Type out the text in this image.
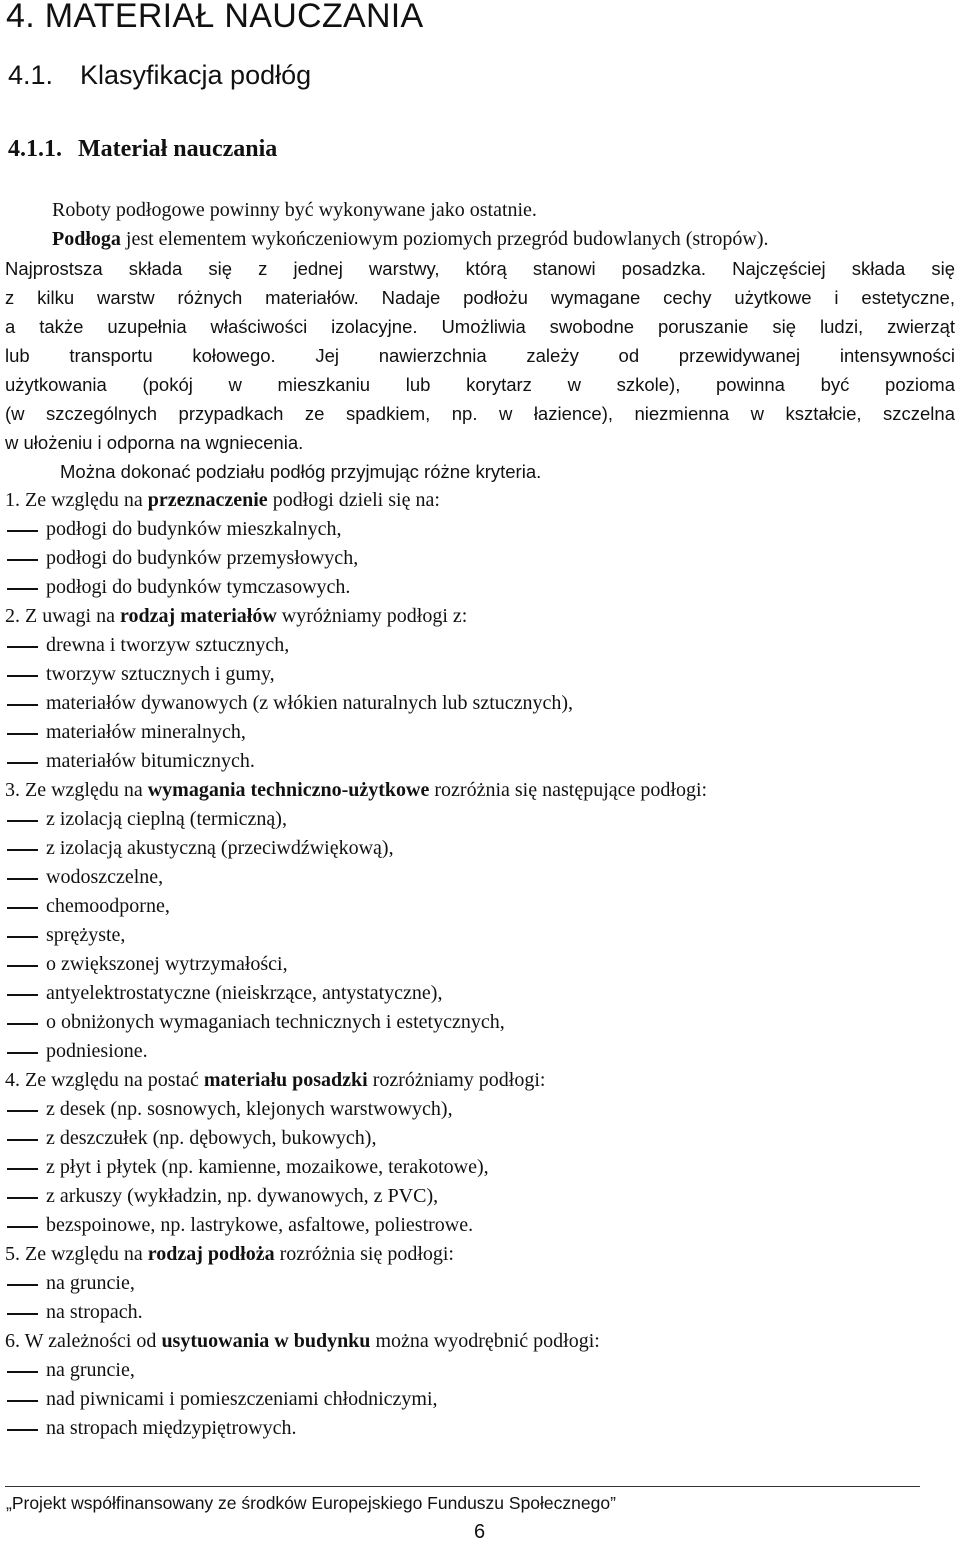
4. MATERIAŁ NAUCZANIA
4.1. Klasyfikacja podłóg
4.1.1. Materiał nauczania
Roboty podłogowe powinny być wykonywane jako ostatnie.
Podłoga jest elementem wykończeniowym poziomych przegród budowlanych (stropów).
Najprostsza składa się z jednej warstwy, którą stanowi posadzka. Najczęściej składa się
z kilku warstw różnych materiałów. Nadaje podłożu wymagane cechy użytkowe i estetyczne,
a także uzupełnia właściwości izolacyjne. Umożliwia swobodne poruszanie się ludzi, zwierząt
lub transportu kołowego. Jej nawierzchnia zależy od przewidywanej intensywności
użytkowania (pokój w mieszkaniu lub korytarz w szkole), powinna być pozioma
(w szczególnych przypadkach ze spadkiem, np. w łazience), niezmienna w kształcie, szczelna
w ułożeniu i odporna na wgniecenia.
Można dokonać podziału podłóg przyjmując różne kryteria.
1. Ze względu na przeznaczenie podłogi dzieli się na:
podłogi do budynków mieszkalnych,
podłogi do budynków przemysłowych,
podłogi do budynków tymczasowych.
2. Z uwagi na rodzaj materiałów wyróżniamy podłogi z:
drewna i tworzyw sztucznych,
tworzyw sztucznych i gumy,
materiałów dywanowych (z włókien naturalnych lub sztucznych),
materiałów mineralnych,
materiałów bitumicznych.
3. Ze względu na wymagania techniczno-użytkowe rozróżnia się następujące podłogi:
z izolacją cieplną (termiczną),
z izolacją akustyczną (przeciwdźwiękową),
wodoszczelne,
chemoodporne,
sprężyste,
o zwiększonej wytrzymałości,
antyelektrostatyczne (nieiskrzące, antystatyczne),
o obniżonych wymaganiach technicznych i estetycznych,
podniesione.
4. Ze względu na postać materiału posadzki rozróżniamy podłogi:
z desek (np. sosnowych, klejonych warstwowych),
z deszczułek (np. dębowych, bukowych),
z płyt i płytek (np. kamienne, mozaikowe, terakotowe),
z arkuszy (wykładzin, np. dywanowych, z PVC),
bezspoinowe, np. lastrykowe, asfaltowe, poliestrowe.
5. Ze względu na rodzaj podłoża rozróżnia się podłogi:
na gruncie,
na stropach.
6. W zależności od usytuowania w budynku można wyodrębnić podłogi:
na gruncie,
nad piwnicami i pomieszczeniami chłodniczymi,
na stropach międzypiętrowych.
„Projekt współfinansowany ze środków Europejskiego Funduszu Społecznego”
6
